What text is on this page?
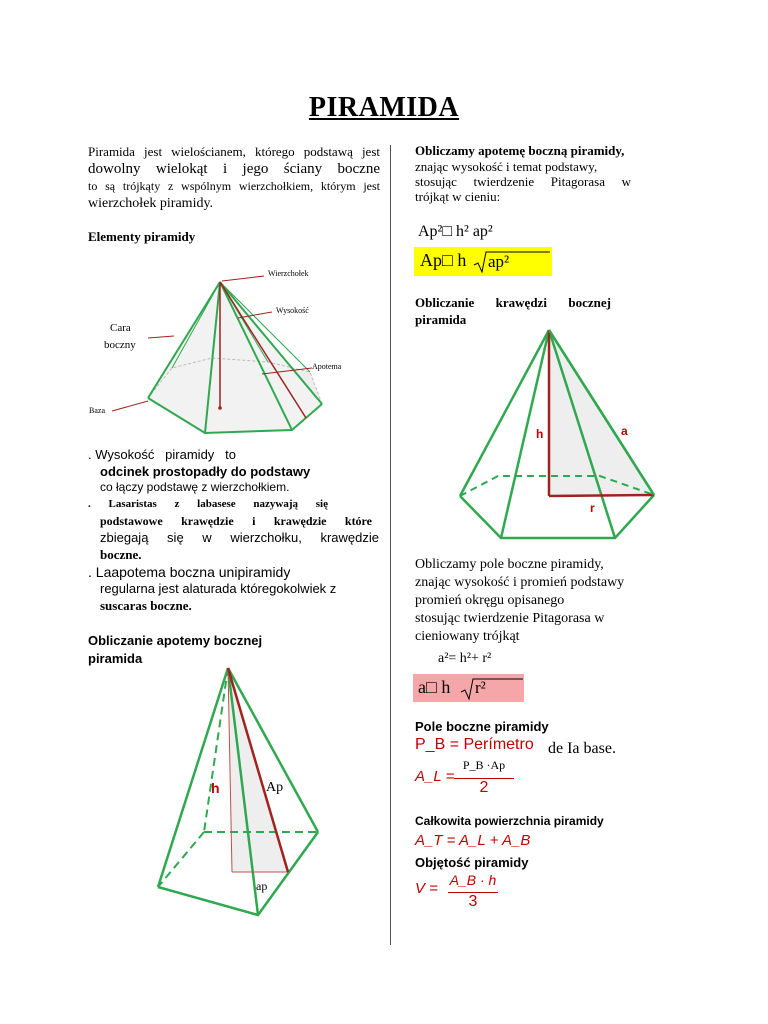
PIRAMIDA
Piramida jest wielościanem, którego podstawą jest
dowolny wielokąt i jego ściany boczne
to są trójkąty z wspólnym wierzchołkiem, którym jest
wierzchołek piramidy.
Elementy piramidy
Wierzchołek
Wysokość
Apotema
Cara
boczny
Baza
. Wysokość   piramidy   to
odcinek prostopadły do podstawy
co łączy podstawę z wierzchołkiem.
. Lasaristas z labasese nazywają się
podstawowe krawędzie i krawędzie które
zbiegają się w wierzchołku, krawędzie
boczne.
. Laapotema boczna unipiramidy
regularna jest alaturada któregokolwiek z
suscaras boczne.
Obliczanie apotemy bocznej
piramida
h	Ap
ap
Obliczamy apotemę boczną piramidy,
znając wysokość i temat podstawy,
stosując twierdzenie Pitagorasa w
trójkąt w cieniu:
Ap²□ h² ap²
Ap□ h ap²
Obliczanie krawędzi bocznej
piramida
h	a
r
Obliczamy pole boczne piramidy,
znając wysokość i promień podstawy
promień okręgu opisanego
stosując twierdzenie Pitagorasa w
cieniowany trójkąt
a²= h²+ r²
a□ h r²
Pole boczne piramidy
P_B = Perímetro de Ia base.
A_L =
P_B ·Ap
2
Całkowita powierzchnia piramidy
A_T = A_L + A_B
Objętość piramidy
V = A_B · h
3
